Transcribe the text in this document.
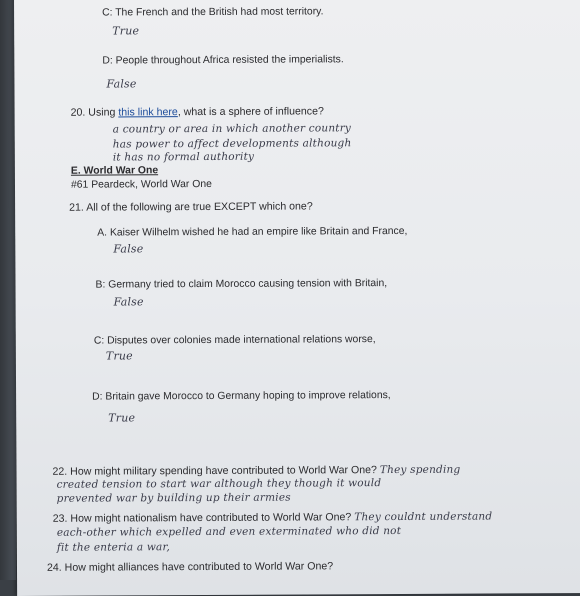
C: The French and the British had most territory.
True
D: People throughout Africa resisted the imperialists.
False
20. Using this link here, what is a sphere of influence?
a country or area in which another country
has power to affect developments although
it has no formal authority
E. World War One
#61 Peardeck, World War One
21. All of the following are true EXCEPT which one?
A. Kaiser Wilhelm wished he had an empire like Britain and France,
False
B: Germany tried to claim Morocco causing tension with Britain,
False
C: Disputes over colonies made international relations worse,
True
D: Britain gave Morocco to Germany hoping to improve relations,
True
22. How might military spending have contributed to World War One? They spending
created tension to start war although they though it would
prevented war by building up their armies
23. How might nationalism have contributed to World War One? They couldnt understand
each-other which expelled and even exterminated who did not
fit the enteria a war,
24. How might alliances have contributed to World War One?
